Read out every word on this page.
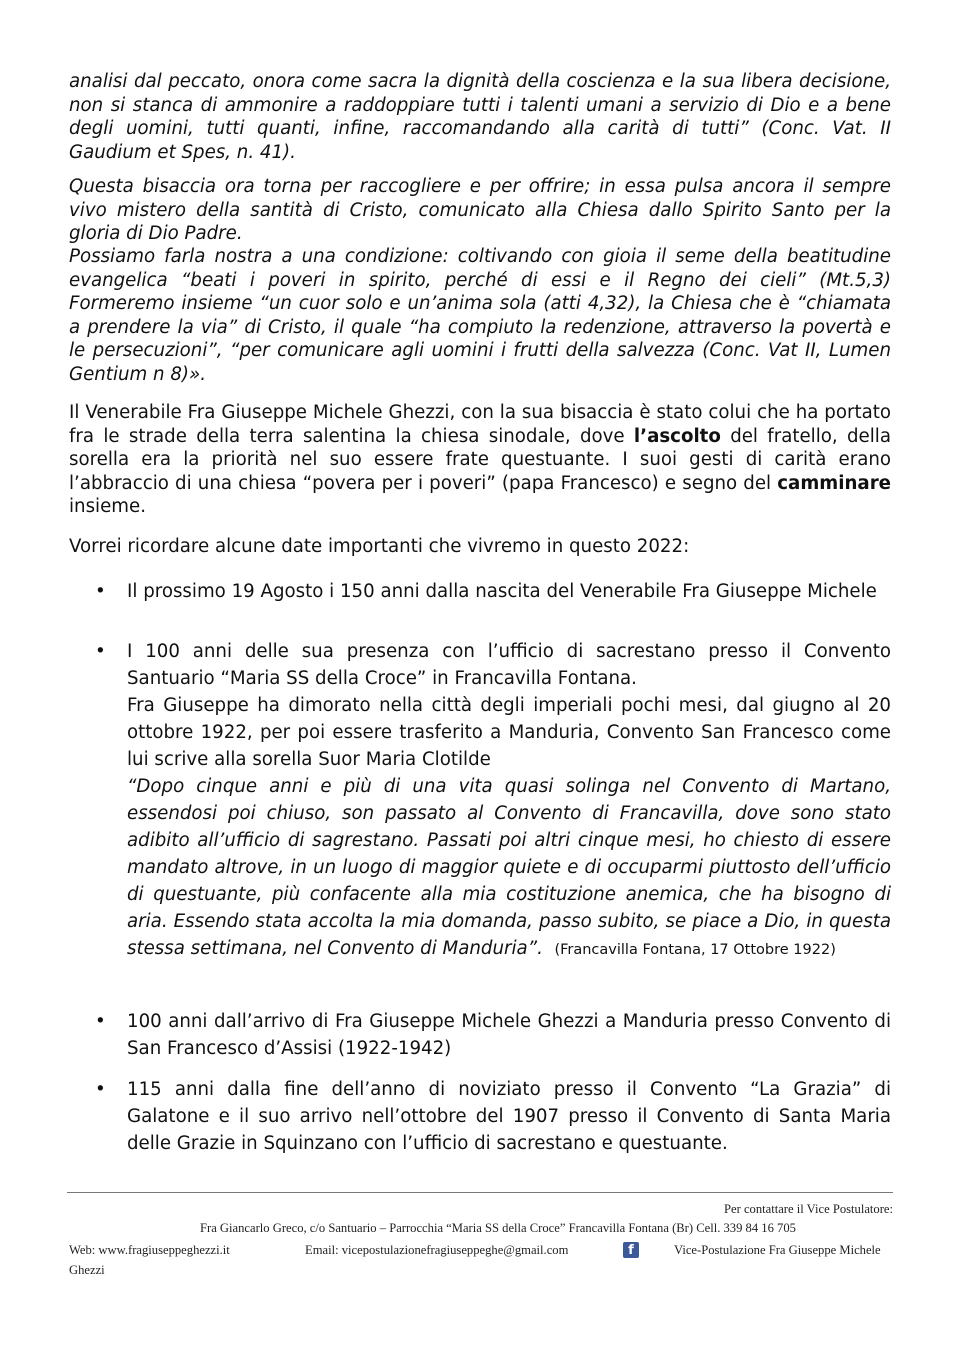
analisi dal peccato, onora come sacra la dignità della coscienza e la sua libera decisione, non si stanca di ammonire a raddoppiare tutti i talenti umani a servizio di Dio e a bene degli uomini, tutti quanti, infine, raccomandando alla carità di tutti” (Conc. Vat. II Gaudium et Spes, n. 41).

Questa bisaccia ora torna per raccogliere e per offrire; in essa pulsa ancora il sempre vivo mistero della santità di Cristo, comunicato alla Chiesa dallo Spirito Santo per la gloria di Dio Padre.

Possiamo farla nostra a una condizione: coltivando con gioia il seme della beatitudine evangelica “beati i poveri in spirito, perché di essi e il Regno dei cieli” (Mt.5,3) Formeremo insieme “un cuor solo e un’anima sola (atti 4,32), la Chiesa che è “chiamata a prendere la via” di Cristo, il quale “ha compiuto la redenzione, attraverso la povertà e le persecuzioni”, “per comunicare agli uomini i frutti della salvezza (Conc. Vat II, Lumen Gentium n 8)».

Il Venerabile Fra Giuseppe Michele Ghezzi, con la sua bisaccia è stato colui che ha portato fra le strade della terra salentina la chiesa sinodale, dove l’ascolto del fratello, della sorella era la priorità nel suo essere frate questuante. I suoi gesti di carità erano l’abbraccio di una chiesa “povera per i poveri” (papa Francesco) e segno del camminare insieme.

Vorrei ricordare alcune date importanti che vivremo in questo 2022:

• Il prossimo 19 Agosto i 150 anni dalla nascita del Venerabile Fra Giuseppe Michele
• I 100 anni delle sua presenza con l’ufficio di sacrestano presso il Convento Santuario “Maria SS della Croce” in Francavilla Fontana.
Fra Giuseppe ha dimorato nella città degli imperiali pochi mesi, dal giugno al 20 ottobre 1922, per poi essere trasferito a Manduria, Convento San Francesco come lui scrive alla sorella Suor Maria Clotilde
“Dopo cinque anni e più di una vita quasi solinga nel Convento di Martano, essendosi poi chiuso, son passato al Convento di Francavilla, dove sono stato adibito all’ufficio di sagrestano. Passati poi altri cinque mesi, ho chiesto di essere mandato altrove, in un luogo di maggior quiete e di occuparmi piuttosto dell’ufficio di questuante, più confacente alla mia costituzione anemica, che ha bisogno di aria. Essendo stata accolta la mia domanda, passo subito, se piace a Dio, in questa stessa settimana, nel Convento di Manduria”. (Francavilla Fontana, 17 Ottobre 1922)
• 100 anni dall’arrivo di Fra Giuseppe Michele Ghezzi a Manduria presso Convento di San Francesco d’Assisi (1922-1942)
• 115 anni dalla fine dell’anno di noviziato presso il Convento “La Grazia” di Galatone e il suo arrivo nell’ottobre del 1907 presso il Convento di Santa Maria delle Grazie in Squinzano con l’ufficio di sacrestano e questuante.
Per contattare il Vice Postulatore:
Fra Giancarlo Greco, c/o Santuario – Parrocchia “Maria SS della Croce” Francavilla Fontana (Br) Cell. 339 84 16 705
Web: www.fragiuseppeghezzi.it	Email: vicepostulazionefragiuseppeghe@gmail.com	Vice-Postulazione Fra Giuseppe Michele
f
Ghezzi
